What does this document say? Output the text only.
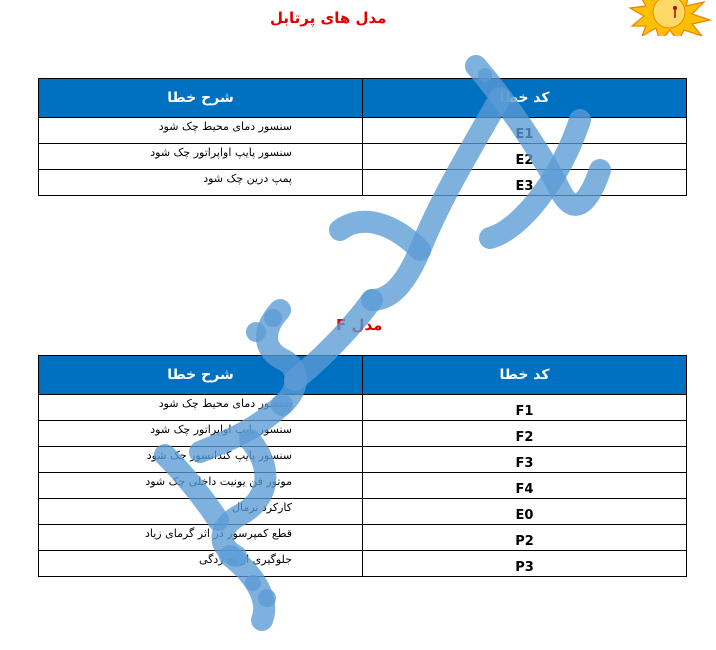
مدل های پرتابل
شرح خطا	کد خطا
سنسور دمای محیط چک شود	E1
سنسور پایپ اواپراتور چک شود	E2
پمپ درین چک شود	E3
مدل F
شرح خطا	کد خطا
سنسور دمای محیط چک شود	F1
سنسور پایپ اواپراتور چک شود	F2
سنسور پایپ کندانسور چک شود	F3
موتور فن یونیت داخلی چک شود	F4
کارکرد نرمال	E0
قطع کمپرسور در اثر گرمای زیاد	P2
جلوگیری از یخ زدگی	P3
